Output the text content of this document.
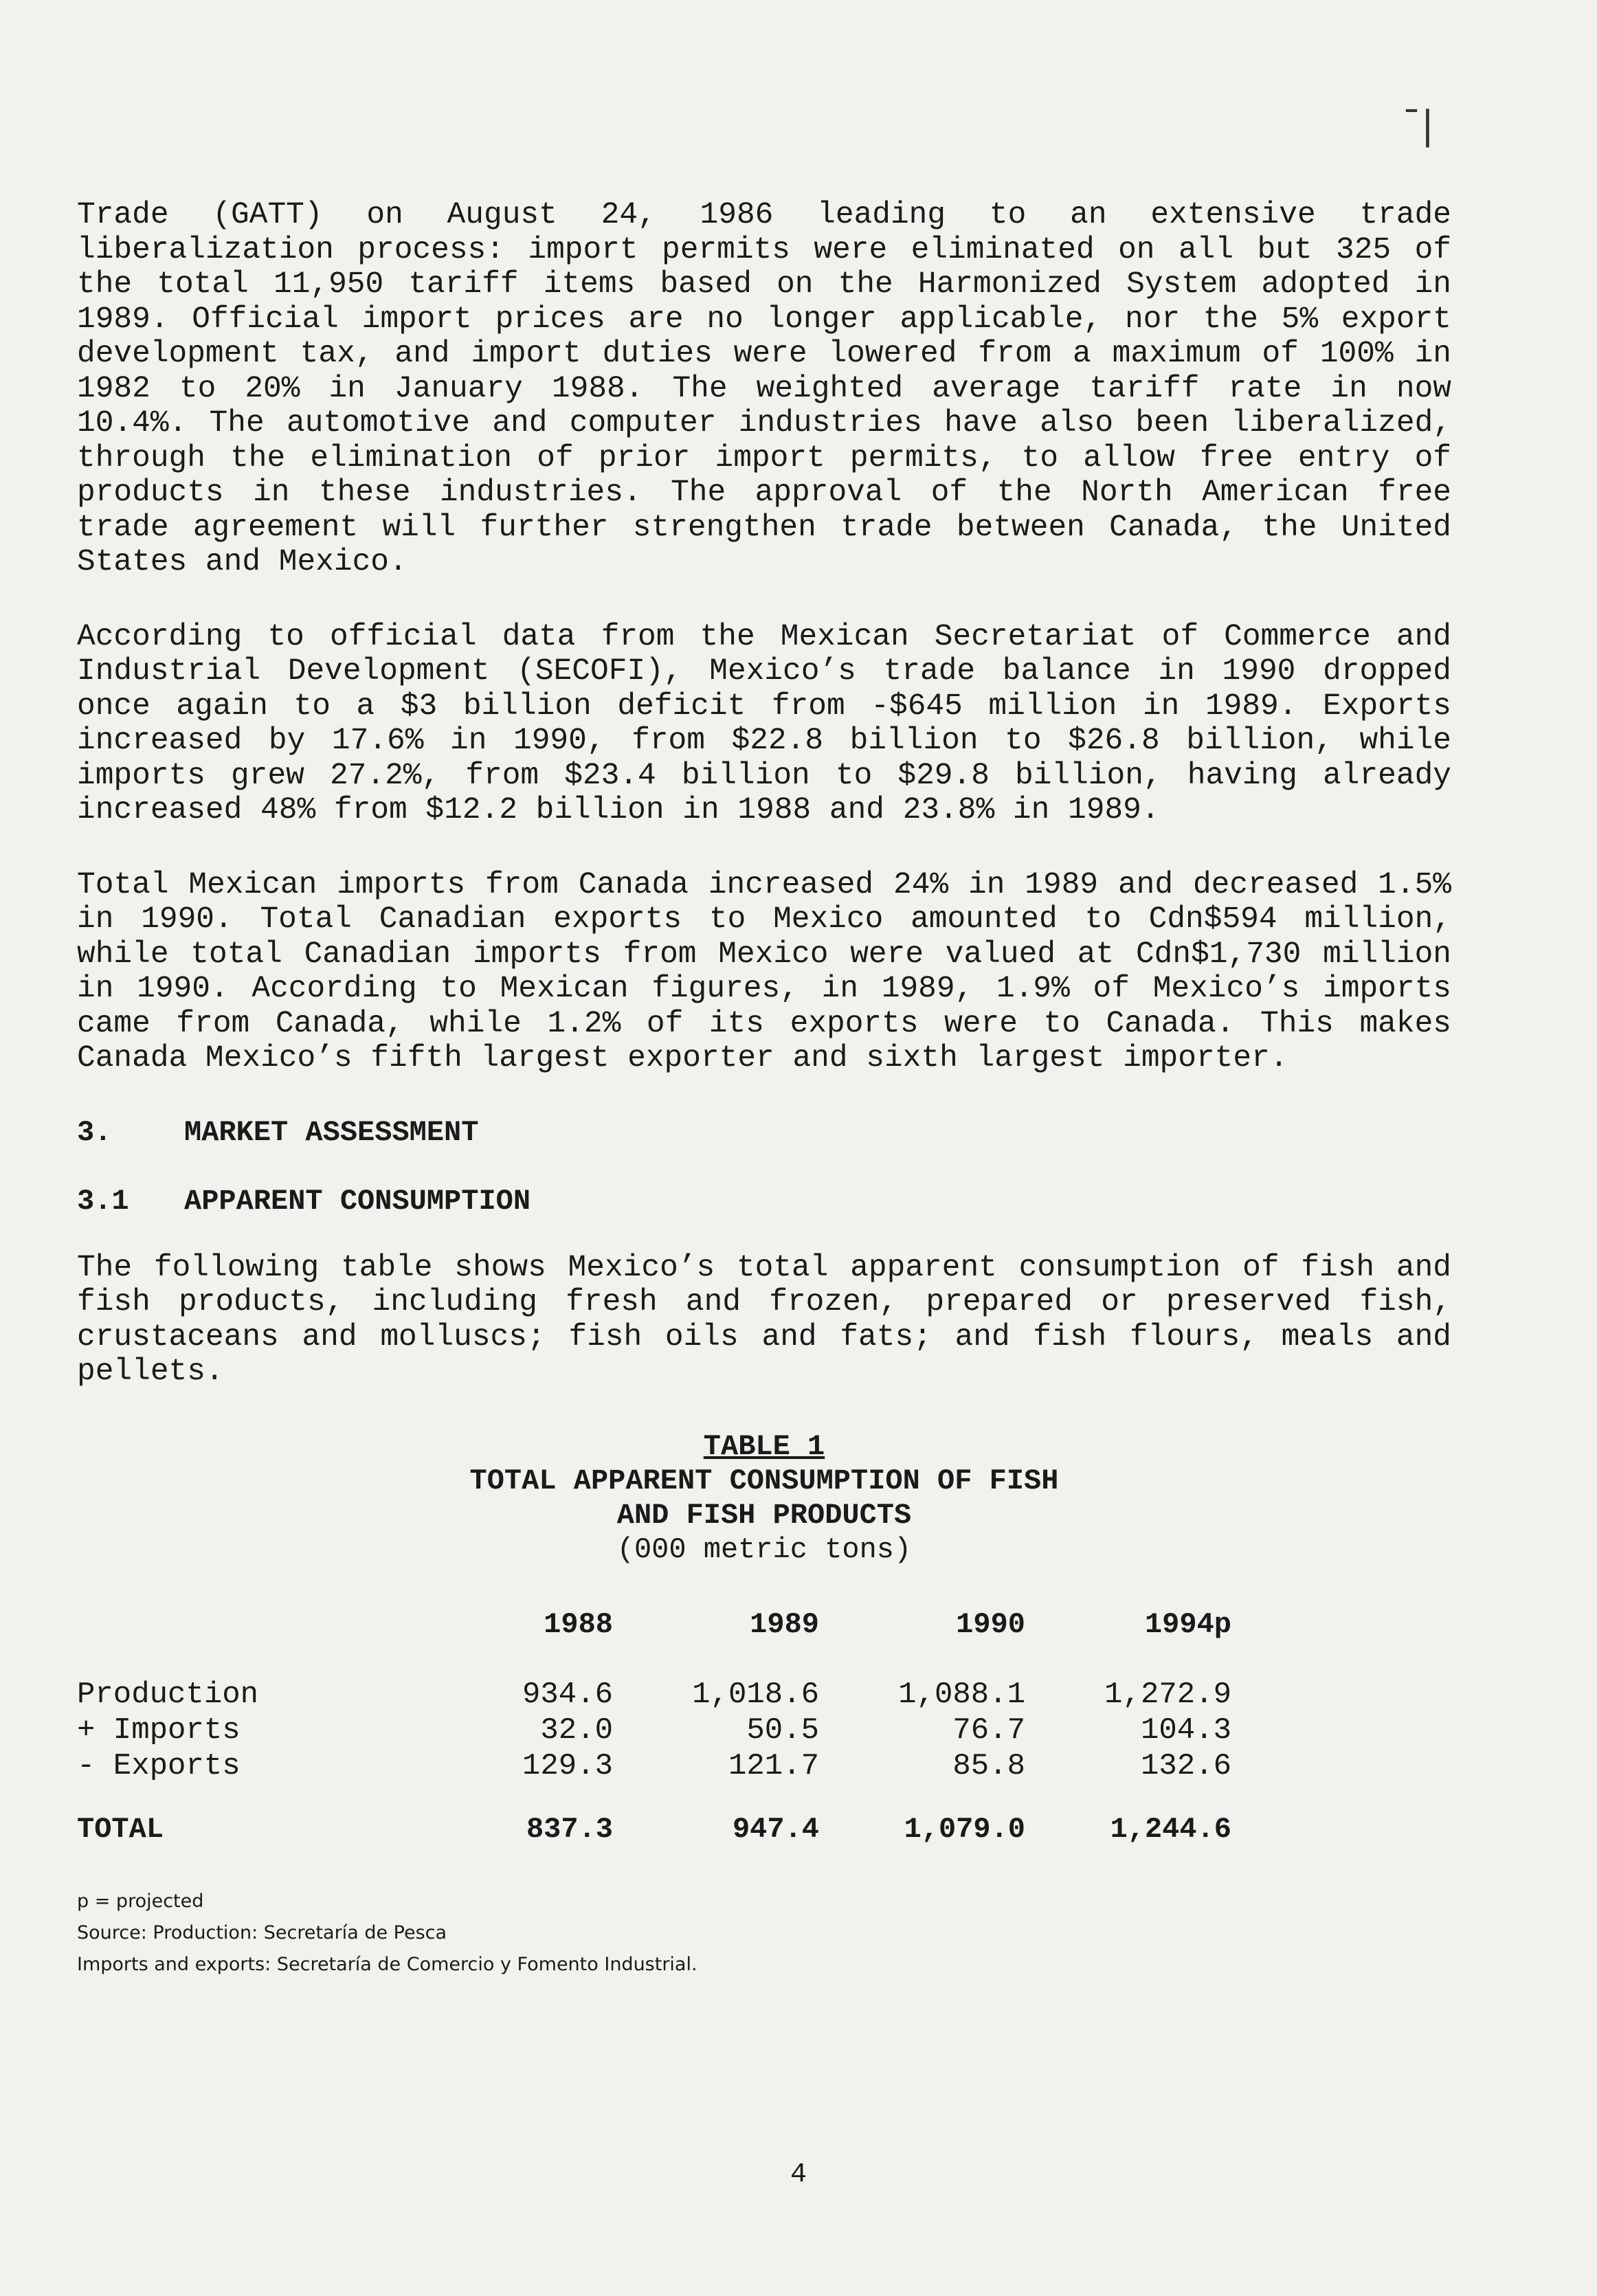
ˉ|

Trade (GATT) on August 24, 1986 leading to an extensive trade liberalization process: import permits were eliminated on all but 325 of the total 11,950 tariff items based on the Harmonized System adopted in 1989. Official import prices are no longer applicable, nor the 5% export development tax, and import duties were lowered from a maximum of 100% in 1982 to 20% in January 1988. The weighted average tariff rate in now 10.4%. The automotive and computer industries have also been liberalized, through the elimination of prior import permits, to allow free entry of products in these industries. The approval of the North American free trade agreement will further strengthen trade between Canada, the United States and Mexico.

According to official data from the Mexican Secretariat of Commerce and Industrial Development (SECOFI), Mexico’s trade balance in 1990 dropped once again to a $3 billion deficit from -$645 million in 1989. Exports increased by 17.6% in 1990, from $22.8 billion to $26.8 billion, while imports grew 27.2%, from $23.4 billion to $29.8 billion, having already increased 48% from $12.2 billion in 1988 and 23.8% in 1989.

Total Mexican imports from Canada increased 24% in 1989 and decreased 1.5% in 1990. Total Canadian exports to Mexico amounted to Cdn$594 million, while total Canadian imports from Mexico were valued at Cdn$1,730 million in 1990. According to Mexican figures, in 1989, 1.9% of Mexico’s imports came from Canada, while 1.2% of its exports were to Canada. This makes Canada Mexico’s fifth largest exporter and sixth largest importer.

3.	MARKET ASSESSMENT
3.1	APPARENT CONSUMPTION

The following table shows Mexico’s total apparent consumption of fish and fish products, including fresh and frozen, prepared or preserved fish, crustaceans and molluscs; fish oils and fats; and fish flours, meals and pellets.

TABLE 1
TOTAL APPARENT CONSUMPTION OF FISH
AND FISH PRODUCTS
(000 metric tons)
	1988	1989	1990	1994p
Production	934.6	1,018.6	1,088.1	1,272.9
+ Imports	32.0	50.5	76.7	104.3
- Exports	129.3	121.7	85.8	132.6
TOTAL	837.3	947.4	1,079.0	1,244.6
p = projected
Source: Production: Secretaría de Pesca
Imports and exports: Secretaría de Comercio y Fomento Industrial.
4
